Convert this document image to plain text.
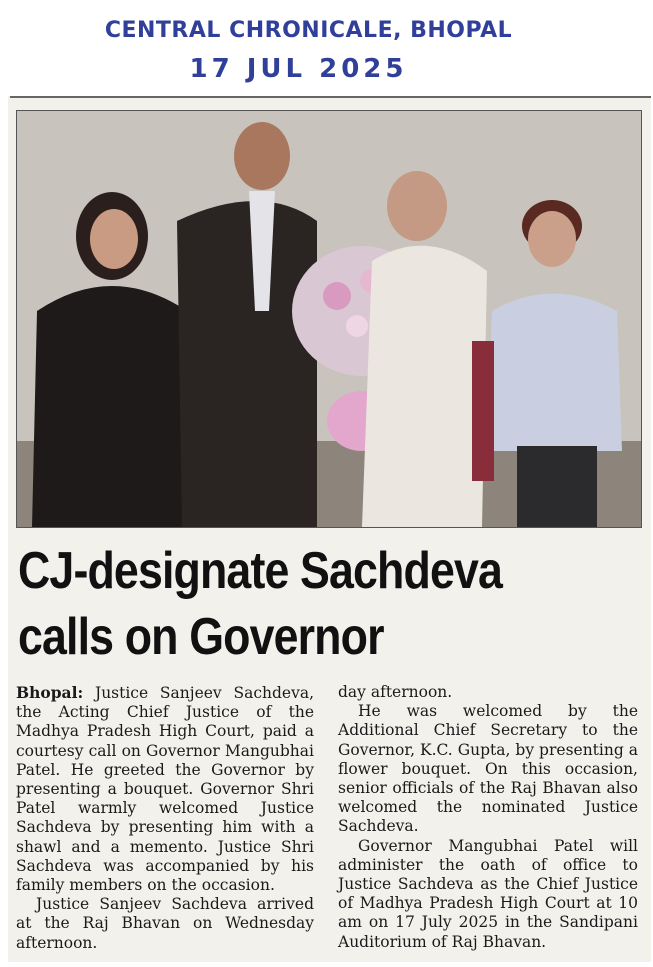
CENTRAL CHRONICALE, BHOPAL
17 JUL 2025
CJ-designate Sachdeva
calls on Governor

Bhopal: Justice Sanjeev Sachdeva, the Acting Chief Justice of the Madhya Pradesh High Court, paid a courtesy call on Governor Mangubhai Patel. He greeted the Governor by presenting a bouquet. Governor Shri Patel warmly welcomed Justice Sachdeva by presenting him with a shawl and a memento. Justice Shri Sachdeva was accompanied by his family members on the occasion.

Justice Sanjeev Sachdeva arrived at the Raj Bhavan on Wednesday afternoon.

day afternoon.

He was welcomed by the Additional Chief Secretary to the Governor, K.C. Gupta, by presenting a flower bouquet. On this occasion, senior officials of the Raj Bhavan also welcomed the nominated Justice Sachdeva.

Governor Mangubhai Patel will administer the oath of office to Justice Sachdeva as the Chief Justice of Madhya Pradesh High Court at 10 am on 17 July 2025 in the Sandipani Auditorium of Raj Bhavan.
